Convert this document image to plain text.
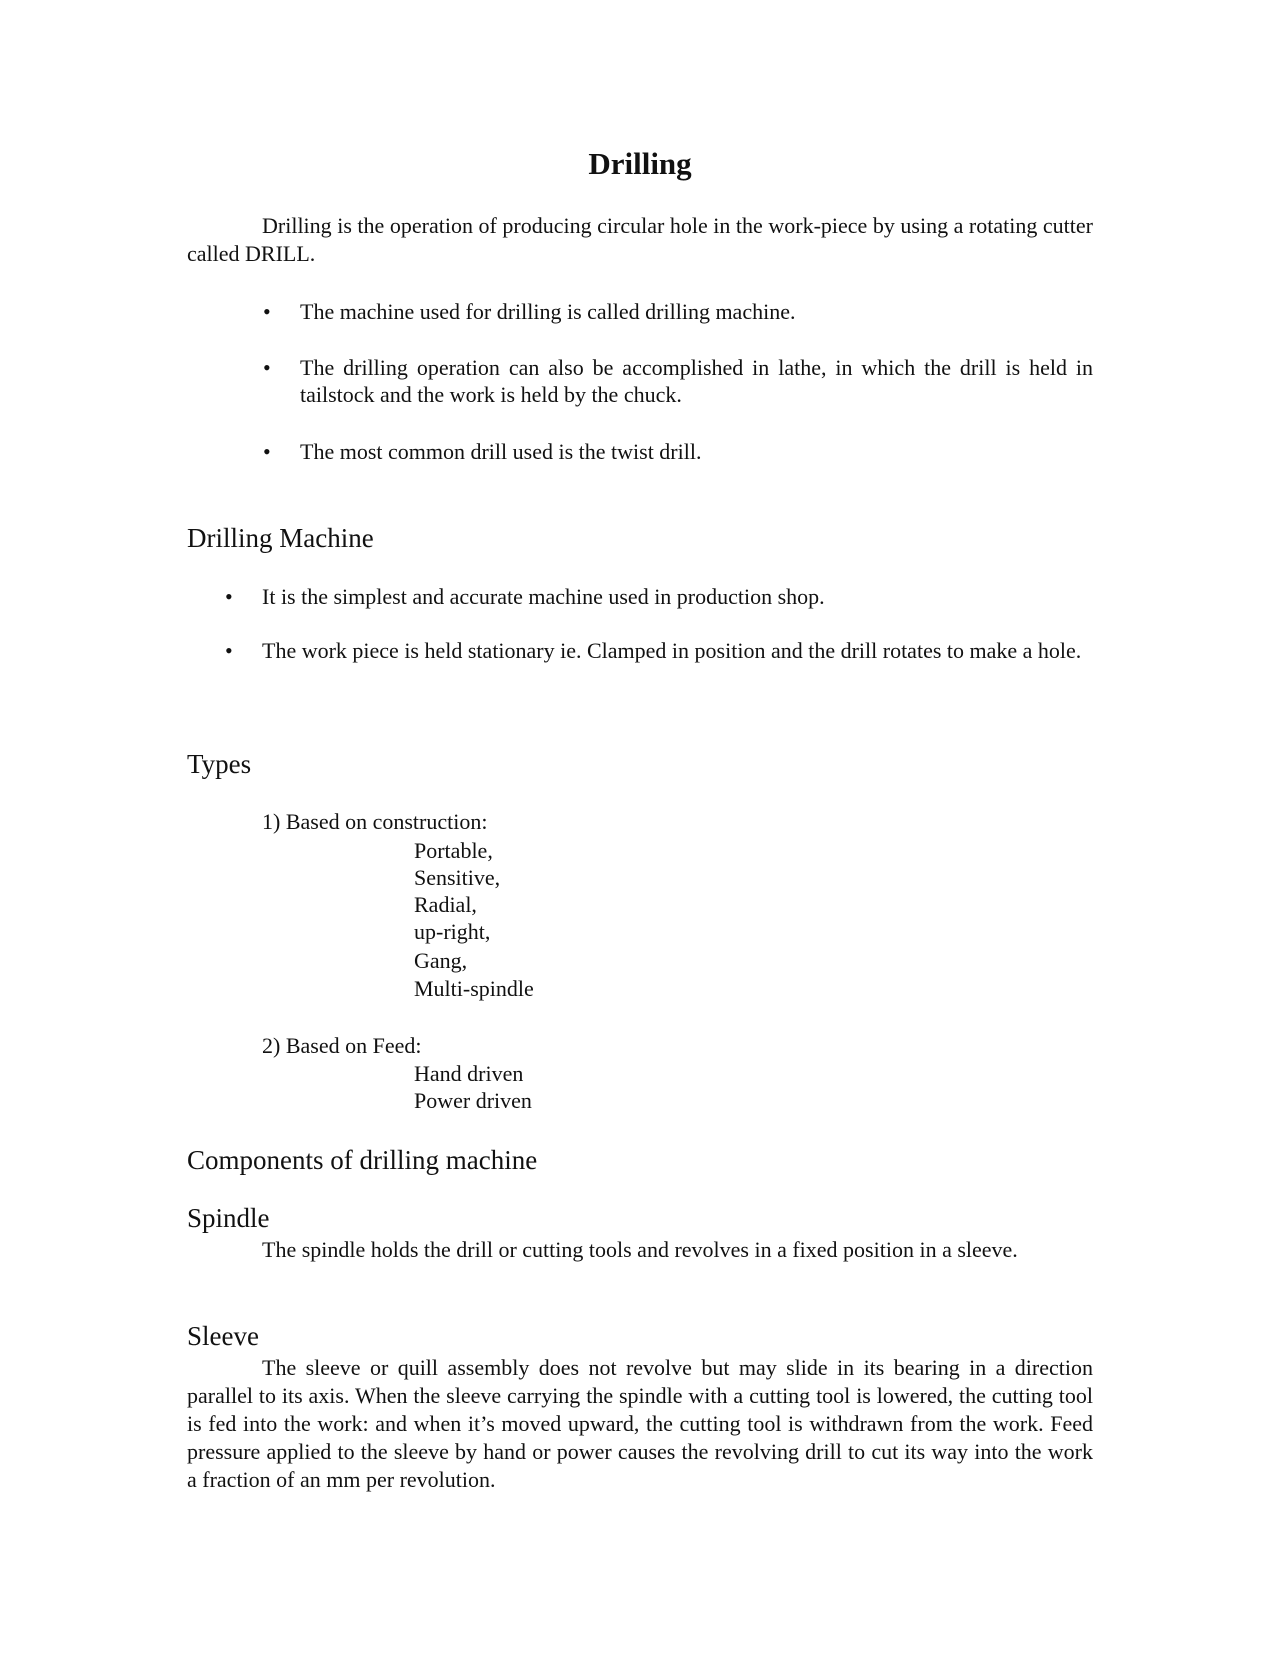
Drilling

Drilling is the operation of producing circular hole in the work-piece by using a rotating cutter called DRILL.

• The machine used for drilling is called drilling machine.

• The drilling operation can also be accomplished in lathe, in which the drill is held in tailstock and the work is held by the chuck.

• The most common drill used is the twist drill.

Drilling Machine
• It is the simplest and accurate machine used in production shop.

• The work piece is held stationary ie. Clamped in position and the drill rotates to make a hole.

Types

1) Based on construction:

Portable,

Sensitive,

Radial,

up-right,

Gang,

Multi-spindle

2) Based on Feed:

Hand driven

Power driven

Components of drilling machine
Spindle

The spindle holds the drill or cutting tools and revolves in a fixed position in a sleeve.

Sleeve

The sleeve or quill assembly does not revolve but may slide in its bearing in a direction parallel to its axis. When the sleeve carrying the spindle with a cutting tool is lowered, the cutting tool is fed into the work: and when it’s moved upward, the cutting tool is withdrawn from the work. Feed pressure applied to the sleeve by hand or power causes the revolving drill to cut its way into the work a fraction of an mm per revolution.
